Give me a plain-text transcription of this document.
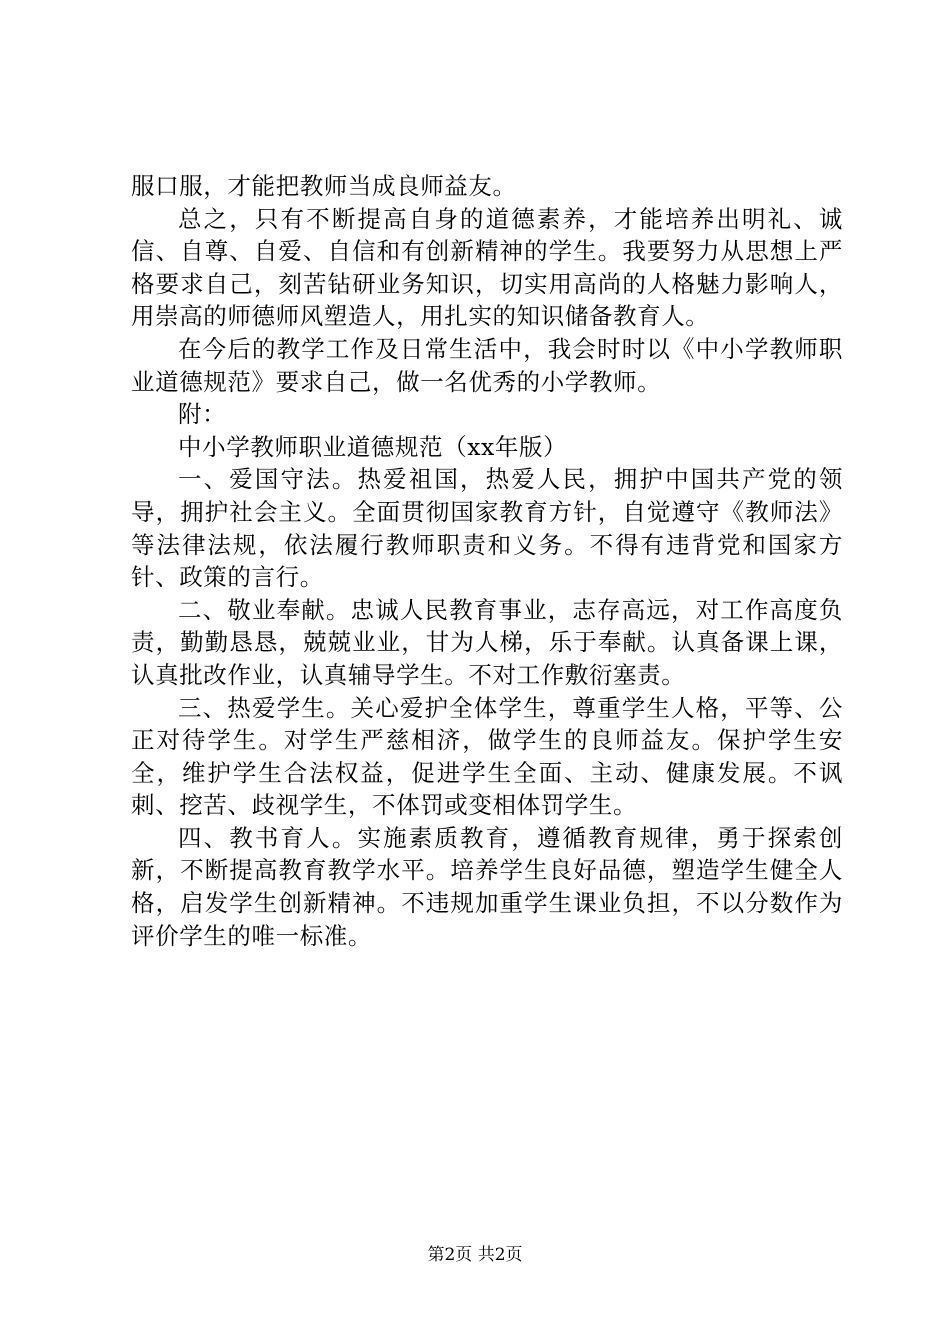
服口服，才能把教师当成良师益友。

总之，只有不断提高自身的道德素养，才能培养出明礼、诚信、自尊、自爱、自信和有创新精神的学生。我要努力从思想上严格要求自己，刻苦钻研业务知识，切实用高尚的人格魅力影响人，用崇高的师德师风塑造人，用扎实的知识储备教育人。

在今后的教学工作及日常生活中，我会时时以《中小学教师职业道德规范》要求自己，做一名优秀的小学教师。

附：

中小学教师职业道德规范（xx年版）

一、爱国守法。热爱祖国，热爱人民，拥护中国共产党的领导，拥护社会主义。全面贯彻国家教育方针，自觉遵守《教师法》等法律法规，依法履行教师职责和义务。不得有违背党和国家方针、政策的言行。

二、敬业奉献。忠诚人民教育事业，志存高远，对工作高度负责，勤勤恳恳，兢兢业业，甘为人梯，乐于奉献。认真备课上课，认真批改作业，认真辅导学生。不对工作敷衍塞责。

三、热爱学生。关心爱护全体学生，尊重学生人格，平等、公正对待学生。对学生严慈相济，做学生的良师益友。保护学生安全，维护学生合法权益，促进学生全面、主动、健康发展。不讽刺、挖苦、歧视学生，不体罚或变相体罚学生。

四、教书育人。实施素质教育，遵循教育规律，勇于探索创新，不断提高教育教学水平。培养学生良好品德，塑造学生健全人格，启发学生创新精神。不违规加重学生课业负担，不以分数作为评价学生的唯一标准。

第2页 共2页
